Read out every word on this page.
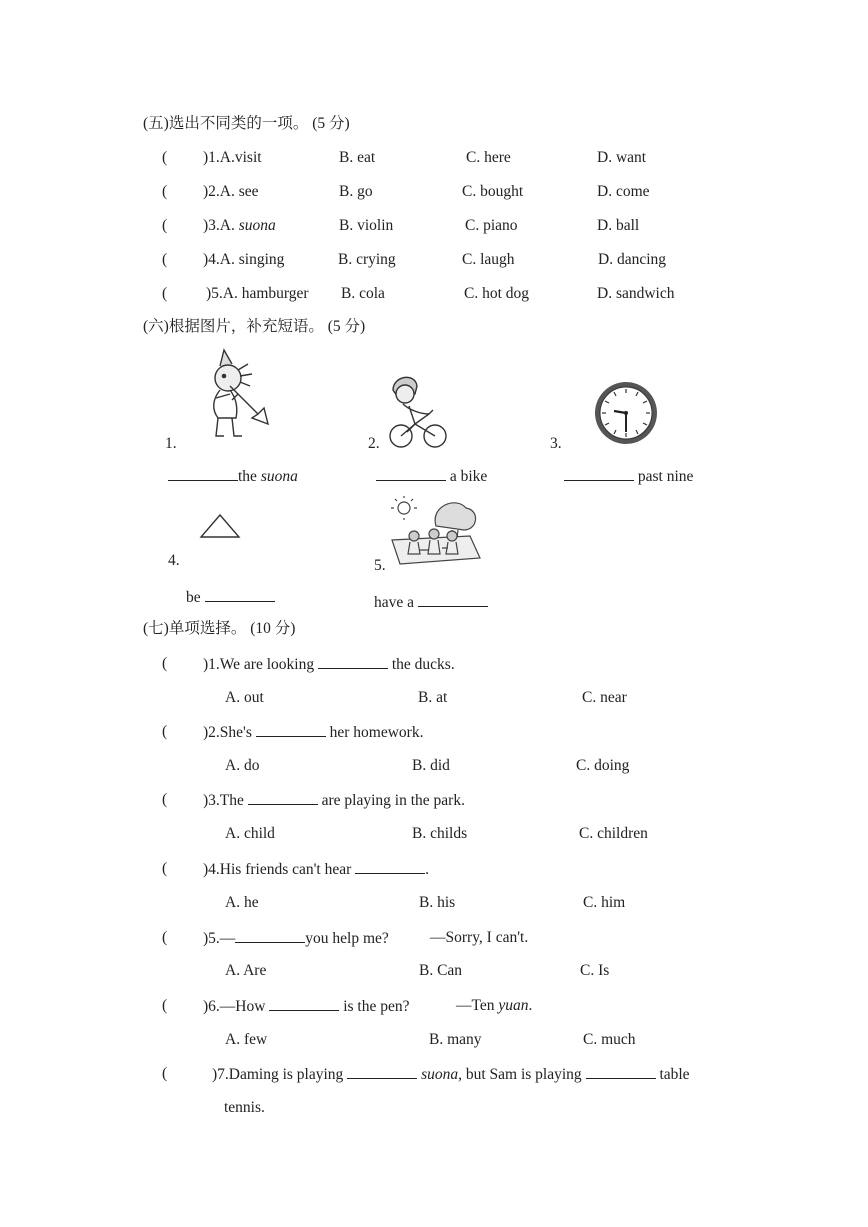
(五)选出不同类的一项。 (5 分)
( )1.A.visit	B. eat	C. here	D. want
( )2.A. see	B. go	C. bought	D. come
( )3.A. suona	B. violin	C. piano	D. ball
( )4.A. singing	B. crying	C. laugh	D. dancing
(	)5.A. hamburger B. cola	C. hot dog	D. sandwich
(六)根据图片，补充短语。 (5 分)
1.	2.	3.
the suona	a bike	past nine
4.	5.
be	have a
(七)单项选择。 (10 分)
( )1.We are looking	the ducks.
A. out	B. at	C. near
( )2.She's	her homework.
A. do	B. did	C. doing
( )3.The	are playing in the park.
A. child	B. childs	C. children
( )4.His friends can't hear	.
A. he	B. his	C. him
( )5.—	you help me?	—Sorry, I can't.
A. Are	B. Can	C. Is
( )6.—How	is the pen?	—Ten yuan.
A. few	B. many	C. much
(	)7.Daming is playing	suona, but Sam is playing	table
tennis.
